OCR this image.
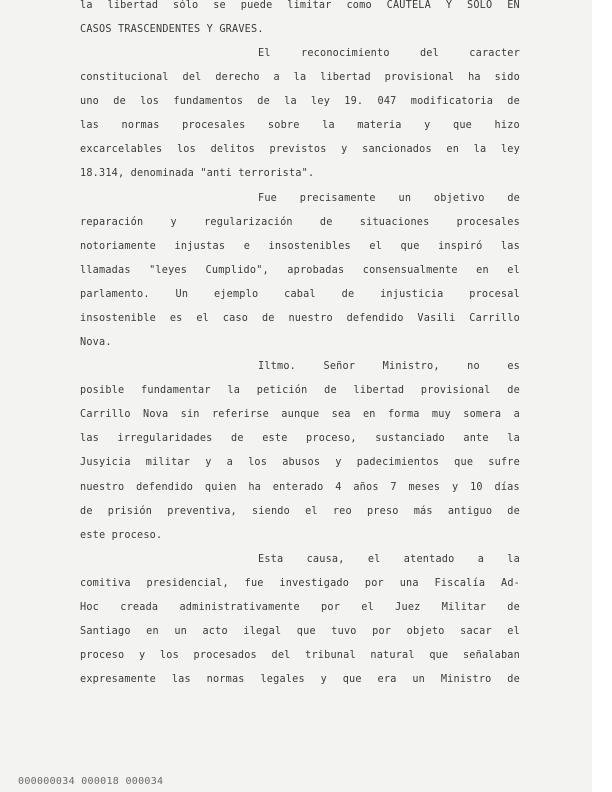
la libertad sólo se puede limitar como CAUTELA Y SOLO EN
CASOS TRASCENDENTES Y GRAVES.
El	reconocimiento	del	caracter
constitucional del derecho a la libertad provisional ha sido
uno de los fundamentos de la ley 19. 047 modificatoria de
las normas procesales sobre la materia y que hizo
excarcelables los delitos previstos y sancionados en la ley
18.314, denominada "anti terrorista".
Fue precisamente un objetivo de
reparación	y	regularización	de	situaciones	procesales
notoriamente injustas e insostenibles el que inspiró las
llamadas "leyes Cumplido", aprobadas consensualmente en el
parlamento.	Un	ejemplo	cabal	de	injusticia	procesal
insostenible es el caso de nuestro defendido Vasili Carrillo
Nova.
Iltmo.	Señor	Ministro,	no	es
posible fundamentar la petición de libertad provisional de
Carrillo Nova sin referirse aunque sea en forma muy somera a
las irregularidades de este proceso, sustanciado ante la
Jusyicia militar y a los abusos y padecimientos que sufre
nuestro defendido quien ha enterado 4 años 7 meses y 10 días
de prisión preventiva, siendo el reo preso más antiguo de
este proceso.
Esta causa, el atentado a la
comitiva presidencial, fue investigado por una Fiscalía Ad-
Hoc creada administrativamente por el Juez Militar de
Santiago en un acto ilegal que tuvo por objeto sacar el
proceso y los procesados del tribunal natural que señalaban
expresamente las normas legales y que era un Ministro de
000000034 000018 000034
